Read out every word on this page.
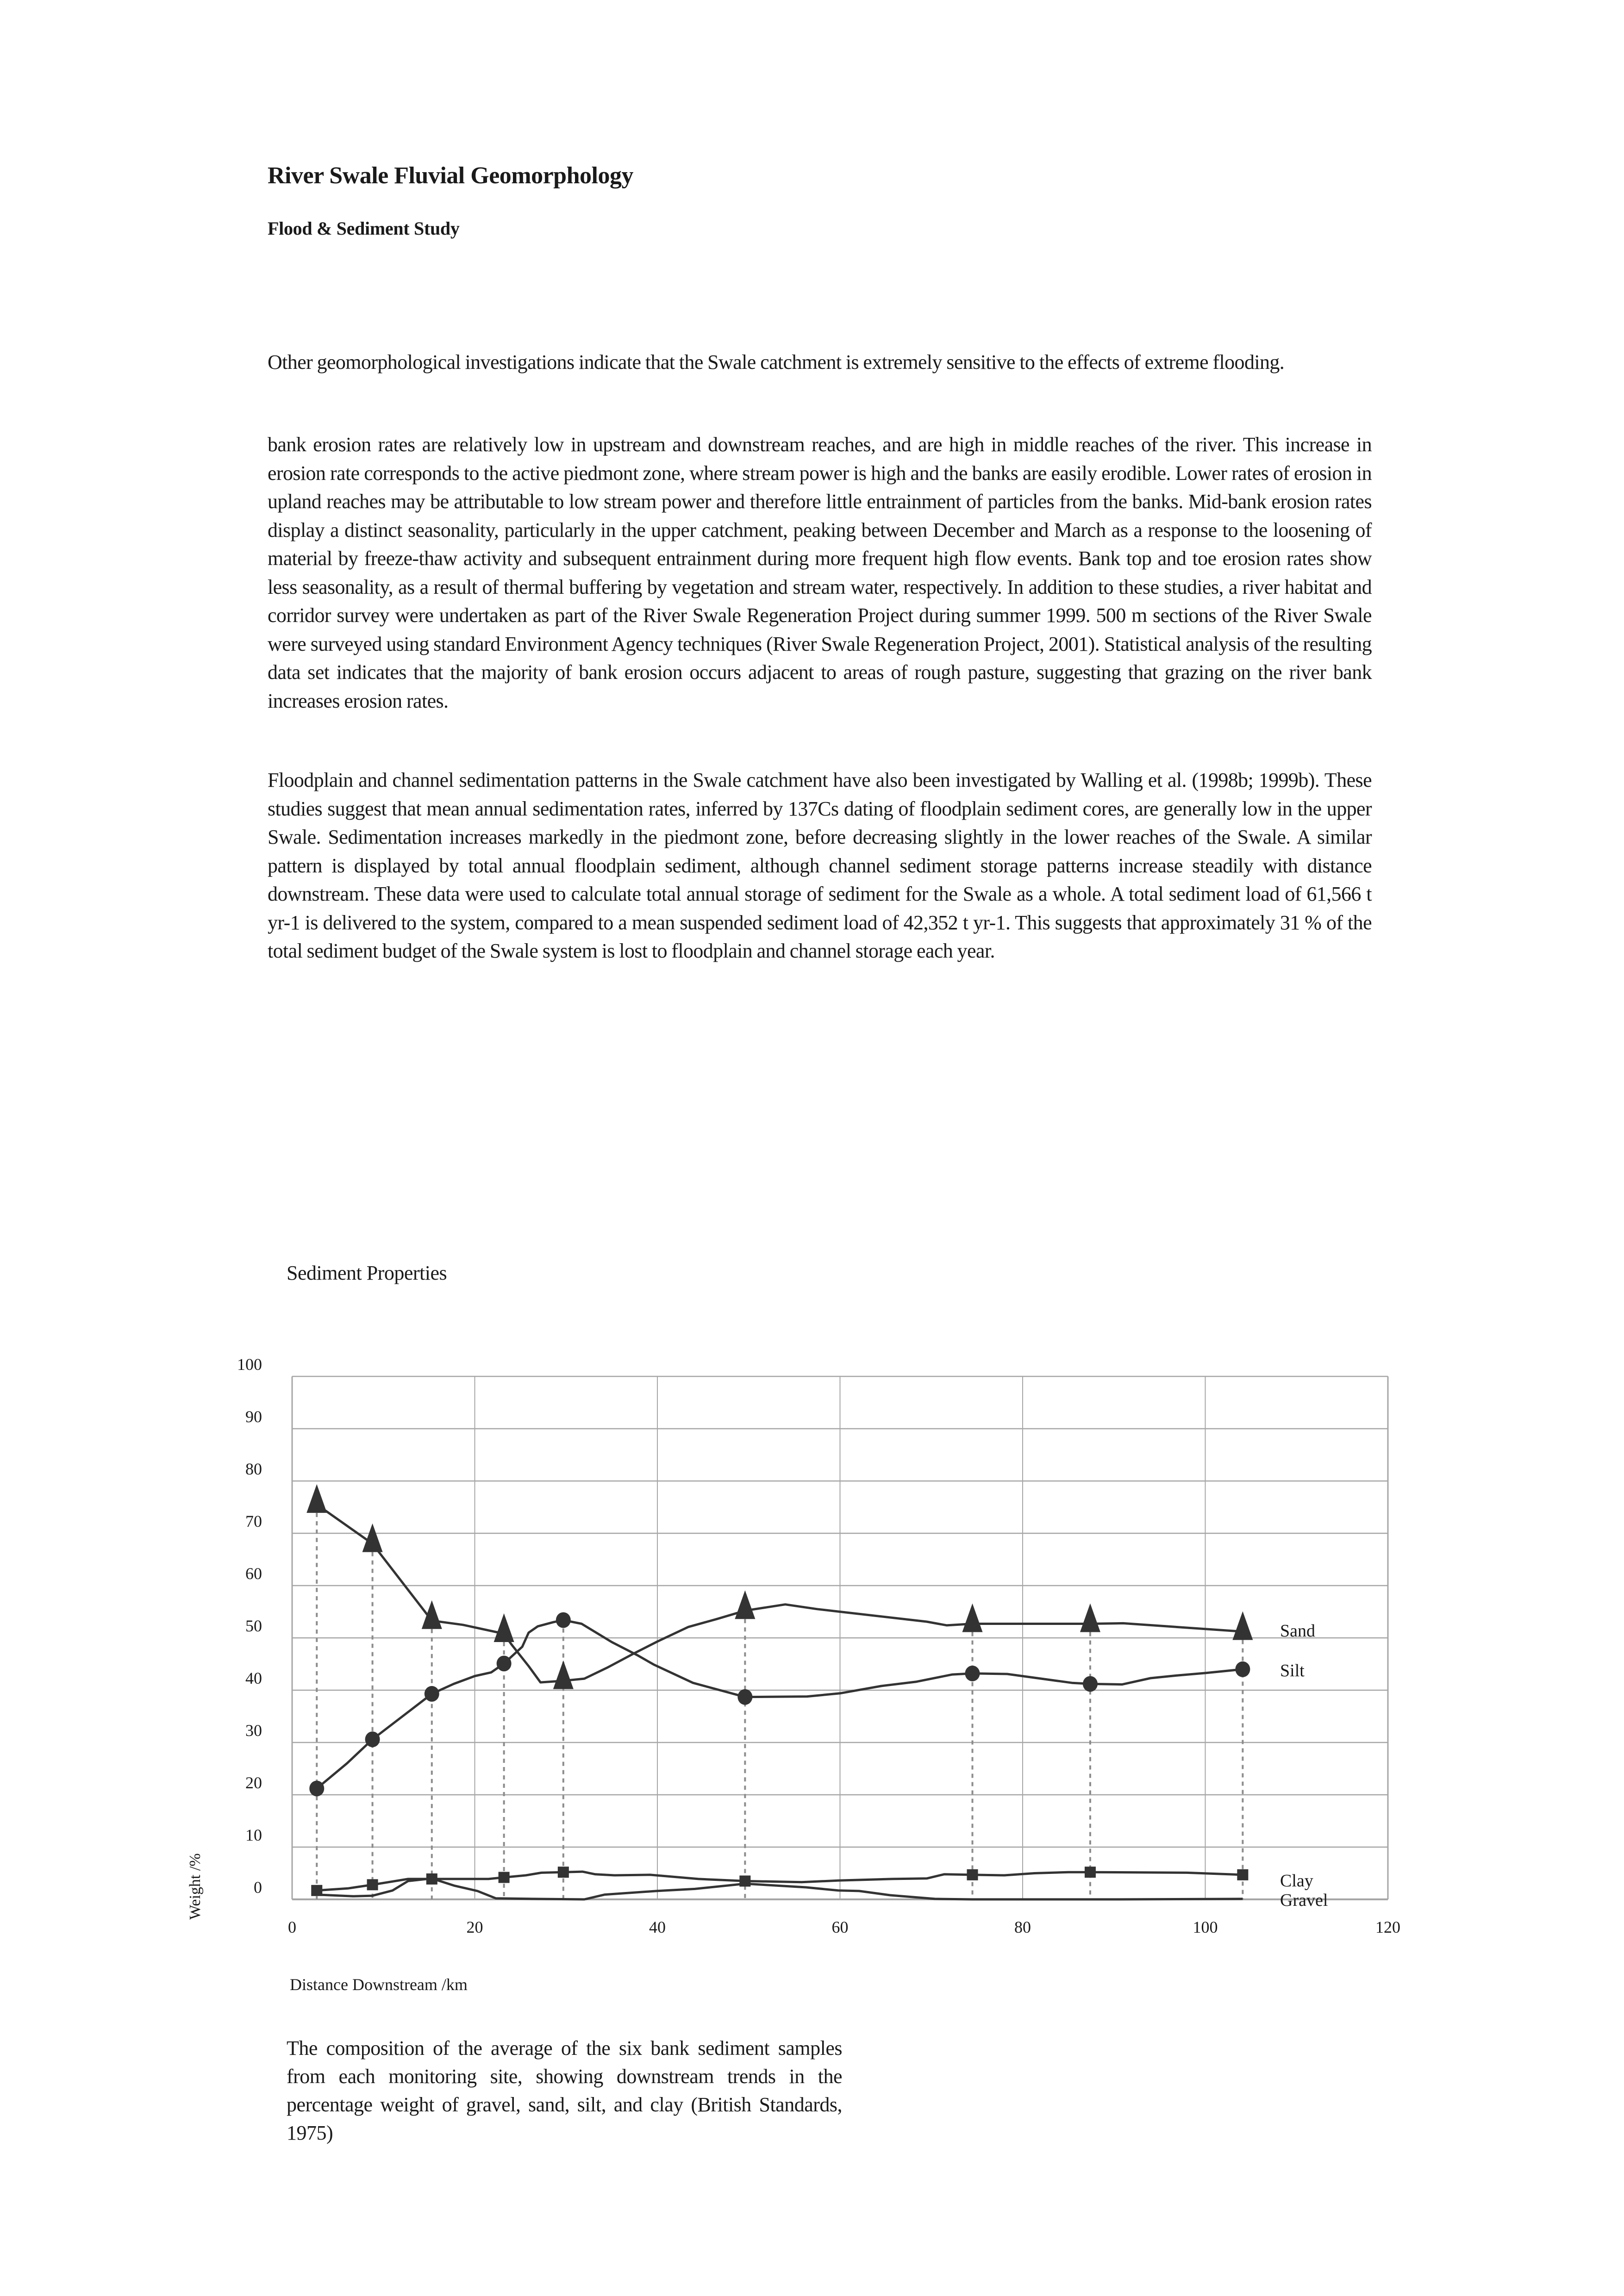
River Swale Fluvial Geomorphology
Flood & Sediment Study
Other geomorphological investigations indicate that the Swale catchment is extremely sensitive to the effects of extreme flooding.
bank erosion rates are relatively low in upstream and downstream reaches, and are high in middle reaches of the river. This increase in erosion rate corresponds to the active piedmont zone, where stream power is high and the banks are easily erodible. Lower rates of erosion in upland reaches may be attributable to low stream power and therefore little entrainment of particles from the banks. Mid-bank erosion rates display a distinct seasonality, particularly in the upper catchment, peaking between December and March as a response to the loosening of material by freeze-thaw activity and subsequent entrainment during more frequent high flow events. Bank top and toe erosion rates show less seasonality, as a result of thermal buffering by vegetation and stream water, respectively. In addition to these studies, a river habitat and corridor survey were undertaken as part of the River Swale Regeneration Project during summer 1999. 500 m sections of the River Swale were surveyed using standard Environment Agency techniques (River Swale Regeneration Project, 2001). Statistical analysis of the resulting data set indicates that the majority of bank erosion occurs adjacent to areas of rough pasture, suggesting that grazing on the river bank increases erosion rates.
Floodplain and channel sedimentation patterns in the Swale catchment have also been investigated by Walling et al. (1998b; 1999b). These studies suggest that mean annual sedimentation rates, inferred by 137Cs dating of floodplain sediment cores, are generally low in the upper Swale. Sedimentation increases markedly in the piedmont zone, before decreasing slightly in the lower reaches of the Swale. A similar pattern is displayed by total annual floodplain sediment, although channel sediment storage patterns increase steadily with distance downstream. These data were used to calculate total annual storage of sediment for the Swale as a whole. A total sediment load of 61,566 t yr-1 is delivered to the system, compared to a mean suspended sediment load of 42,352 t yr-1. This suggests that approximately 31 % of the total sediment budget of the Swale system is lost to floodplain and channel storage each year.
Sediment Properties
0
10
20
30
40
50
60
70
80
90
100
0	20	40	60	80	100	120
Sand
Silt
Clay
Gravel
Weight /%
Distance Downstream /km
The composition of the average of the six bank sediment samples from each monitoring site, showing downstream trends in the percentage weight of gravel, sand, silt, and clay (British Standards, 1975)
